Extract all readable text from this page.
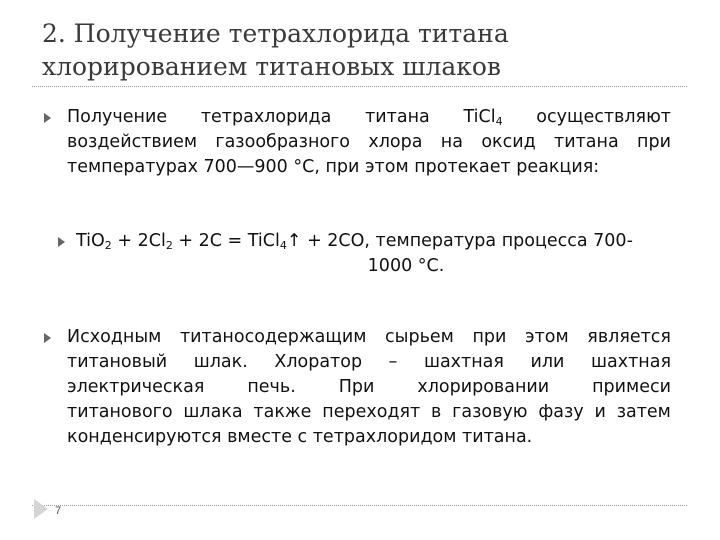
2. Получение тетрахлорида титана
хлорированием титановых шлаков
Получение тетрахлорида титана TiCl$_4$ осуществляют
воздействием газообразного хлора на оксид титана при
температурах 700—900 °С, при этом протекает реакция:
$TiO_2 + 2Cl_2 + 2C$ = TiCl$_4$↑ + 2CO, температура процесса 700-
1000 °С.
Исходным титаносодержащим сырьем при этом является
титановый шлак. Хлоратор – шахтная или шахтная
электрическая печь. При хлорировании примеси
титанового шлака также переходят в газовую фазу и затем
конденсируются вместе с тетрахлоридом титана.
7
